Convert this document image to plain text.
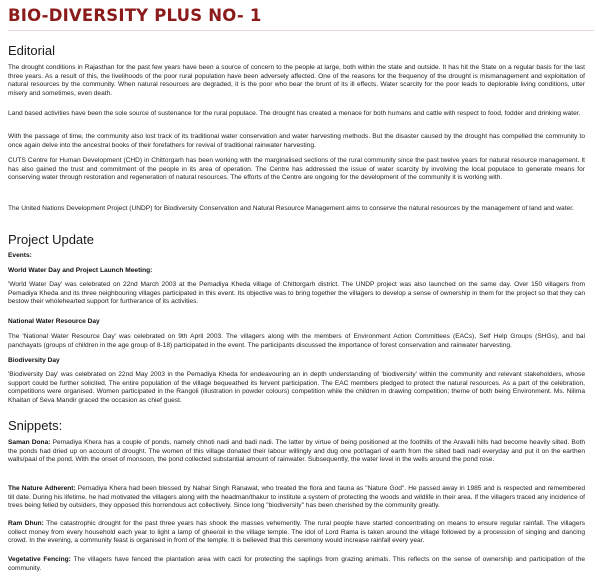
BIO-DIVERSITY PLUS NO- 1
Editorial

The drought conditions in Rajasthan for the past few years have been a source of concern to the people at large, both within the state and outside. It has hit the State on a regular basis for the last three years. As a result of this, the livelihoods of the poor rural population have been adversely affected. One of the reasons for the frequency of the drought is mismanagement and exploitation of natural resources by the community. When natural resources are degraded, it is the poor who bear the brunt of its ill effects. Water scarcity for the poor leads to deplorable living conditions, utter misery and sometimes, even death.

Land based activities have been the sole source of sustenance for the rural populace. The drought has created a menace for both humans and cattle with respect to food, fodder and drinking water.

With the passage of time, the community also lost track of its traditional water conservation and water harvesting methods. But the disaster caused by the drought has compelled the community to once again delve into the ancestral books of their forefathers for revival of traditional rainwater harvesting.

CUTS Centre for Human Development (CHD) in Chittorgarh has been working with the marginalised sections of the rural community since the past twelve years for natural resource management. It has also gained the trust and commitment of the people in its area of operation. The Centre has addressed the issue of water scarcity by involving the local populace to generate means for conserving water through restoration and regeneration of natural resources. The efforts of the Centre are ongoing for the development of the community it is working with.

The United Nations Development Project (UNDP) for Biodiversity Conservation and Natural Resource Management aims to conserve the natural resources by the management of land and water.

Project Update
Events:
World Water Day and Project Launch Meeting:

'World Water Day' was celebrated on 22nd March 2003 at the Pemadiya Kheda village of Chittorgarh district. The UNDP project was also launched on the same day. Over 150 villagers from Pemadiya Kheda and its three neighbouring villages participated in this event. Its objective was to bring together the villagers to develop a sense of ownership in them for the project so that they can bestow their wholehearted support for furtherance of its activities.

National Water Resource Day

The 'National Water Resource Day' was celebrated on 9th April 2003. The villagers along with the members of Environment Action Committees (EACs), Self Help Groups (SHGs), and bal panchayats (groups of children in the age group of 8-18) participated in the event. The participants discussed the importance of forest conservation and rainwater harvesting.

Biodiversity Day

'Biodiversity Day' was celebrated on 22nd May 2003 in the Pemadiya Kheda for endeavouring an in depth understanding of 'biodiversity' within the community and relevant stakeholders, whose support could be further solicited. The entire population of the village bequeathed its fervent participation. The EAC members pledged to protect the natural resources. As a part of the celebration, competitions were organised. Women participated in the Rangoli (illustration in powder colours) competition while the children in drawing competition; theme of both being Environment. Ms. Nilima Khaitan of Seva Mandir graced the occasion as chief guest.

Snippets:

Saman Dona: Pemadiya Khera has a couple of ponds, namely chhoti nadi and badi nadi. The latter by virtue of being positioned at the foothills of the Aravalli hills had become heavily silted. Both the ponds had dried up on account of drought. The women of this village donated their labour willingly and dug one pot/tagari of earth from the silted badi nadi everyday and put it on the earthen walls/paal of the pond. With the onset of monsoon, the pond collected substantial amount of rainwater. Subsequently, the water level in the wells around the pond rose.

The Nature Adherent: Pemadiya Khera had been blessed by Nahar Singh Ranawat, who treated the flora and fauna as "Nature God". He passed away in 1985 and is respected and remembered till date. During his lifetime, he had motivated the villagers along with the headman/thakur to institute a system of protecting the woods and wildlife in their area. If the villagers traced any incidence of trees being felled by outsiders, they opposed this horrendous act collectively. Since long "biodiversity" has been cherished by the community greatly.

Ram Dhun: The catastrophic drought for the past three years has shook the masses vehemently. The rural people have started concentrating on means to ensure regular rainfall. The villagers collect money from every household each year to light a lamp of ghee/oil in the village temple. The idol of Lord Rama is taken around the village followed by a procession of singing and dancing crowd. In the evening, a community feast is organised in front of the temple. It is believed that this ceremony would increase rainfall every year.

Vegetative Fencing: The villagers have fenced the plantation area with cacti for protecting the saplings from grazing animals. This reflects on the sense of ownership and participation of the community.
